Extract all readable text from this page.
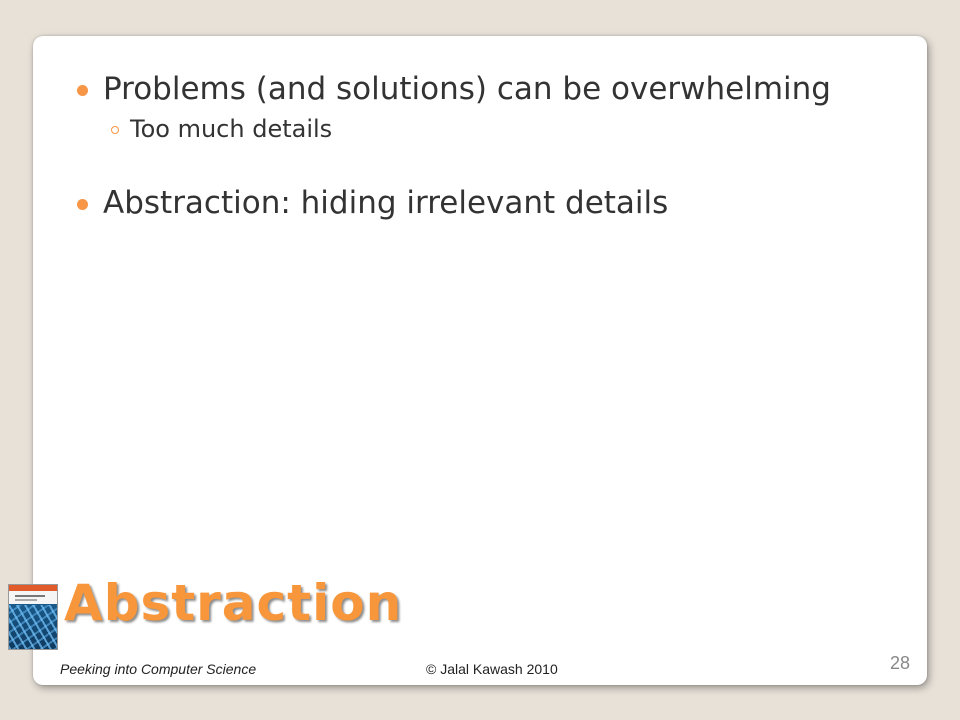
Problems (and solutions) can be overwhelming
Too much details
Abstraction: hiding irrelevant details
Abstraction
Peeking into Computer Science	© Jalal Kawash 2010	28
